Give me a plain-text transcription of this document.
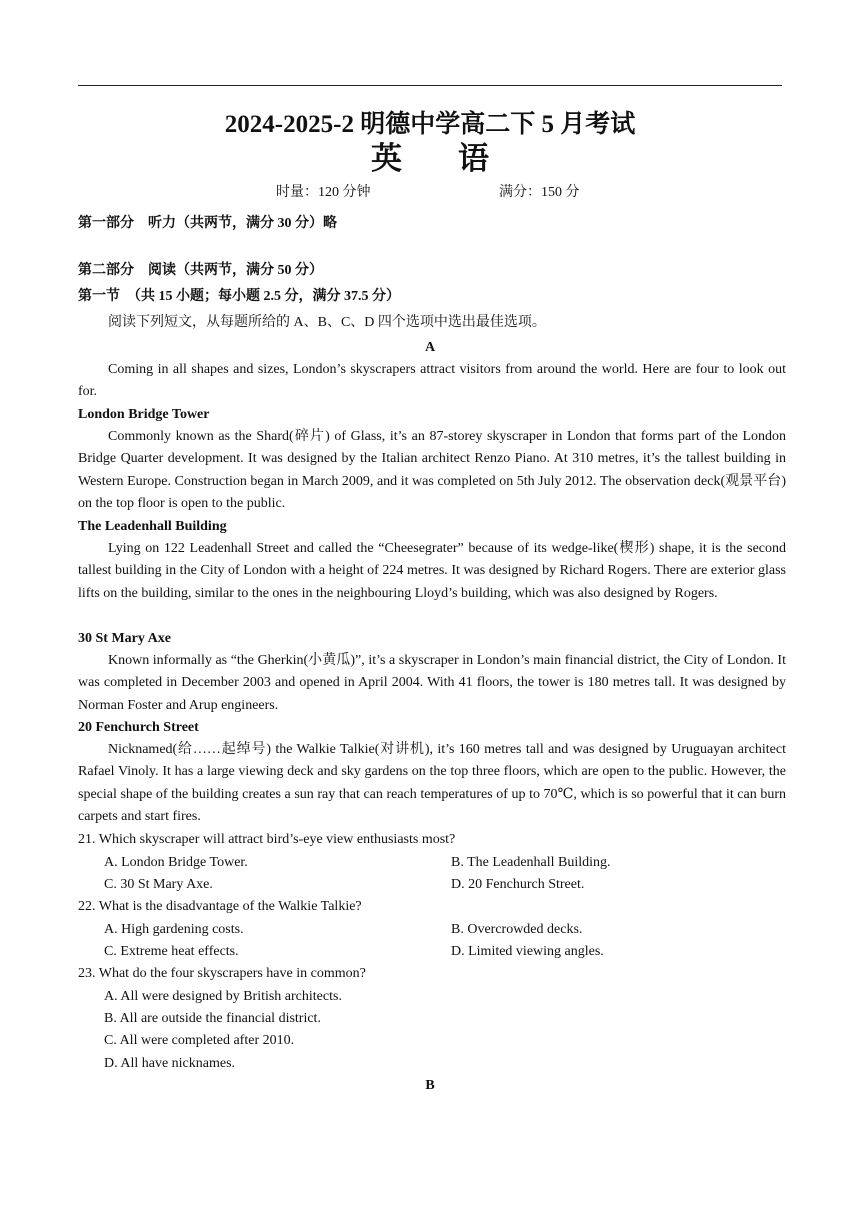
2024-2025-2 明德中学高二下 5 月考试
英 语
时量：120 分钟	满分：150 分
第一部分　听力（共两节，满分 30 分）略
第二部分　阅读（共两节，满分 50 分）
第一节　（共 15 小题；每小题 2.5 分，满分 37.5 分）
阅读下列短文，从每题所给的 A、B、C、D 四个选项中选出最佳选项。
A
Coming in all shapes and sizes, London’s skyscrapers attract visitors from around the world. Here are four to look out for.
London Bridge Tower
Commonly known as the Shard(碎片) of Glass, it’s an 87-storey skyscraper in London that forms part of the London Bridge Quarter development. It was designed by the Italian architect Renzo Piano. At 310 metres, it’s the tallest building in Western Europe. Construction began in March 2009, and it was completed on 5th July 2012. The observation deck(观景平台) on the top floor is open to the public.
The Leadenhall Building
Lying on 122 Leadenhall Street and called the “Cheesegrater” because of its wedge-like(楔形) shape, it is the second tallest building in the City of London with a height of 224 metres. It was designed by Richard Rogers. There are exterior glass lifts on the building, similar to the ones in the neighbouring Lloyd’s building, which was also designed by Rogers.
30 St Mary Axe
Known informally as “the Gherkin(小黄瓜)”, it’s a skyscraper in London’s main financial district, the City of London. It was completed in December 2003 and opened in April 2004. With 41 floors, the tower is 180 metres tall. It was designed by Norman Foster and Arup engineers.
20 Fenchurch Street
Nicknamed(给……起绰号) the Walkie Talkie(对讲机), it’s 160 metres tall and was designed by Uruguayan architect Rafael Vinoly. It has a large viewing deck and sky gardens on the top three floors, which are open to the public. However, the special shape of the building creates a sun ray that can reach temperatures of up to 70℃, which is so powerful that it can burn carpets and start fires.
21. Which skyscraper will attract bird’s-eye view enthusiasts most?
A. London Bridge Tower.	B. The Leadenhall Building.
C. 30 St Mary Axe.	D. 20 Fenchurch Street.
22. What is the disadvantage of the Walkie Talkie?
A. High gardening costs.	B. Overcrowded decks.
C. Extreme heat effects.	D. Limited viewing angles.
23. What do the four skyscrapers have in common?
A. All were designed by British architects.
B. All are outside the financial district.
C. All were completed after 2010.
D. All have nicknames.
B
